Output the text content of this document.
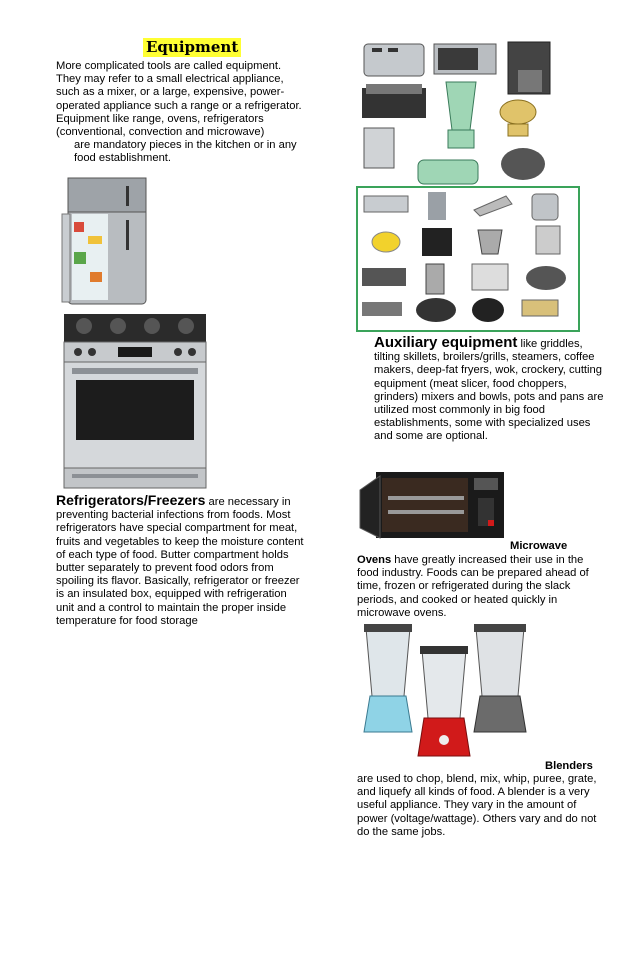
Equipment
More complicated tools are called equipment. They may refer to a small electrical appliance, such as a mixer, or a large, expensive, power-operated appliance such a range or a refrigerator.
Equipment like range, ovens, refrigerators (conventional, convection and microwave)
are mandatory pieces in the kitchen or in any food establishment.
Auxiliary equipment like griddles, tilting skillets, broilers/grills, steamers, coffee makers, deep-fat fryers, wok, crockery, cutting equipment (meat slicer, food choppers, grinders) mixers and bowls, pots and pans are utilized most commonly in big food establishments, some with specialized uses and some are optional.
Refrigerators/Freezers are necessary in preventing bacterial infections from foods. Most refrigerators have special compartment for meat, fruits and vegetables to keep the moisture content of each type of food. Butter compartment holds butter separately to prevent food odors from spoiling its flavor. Basically, refrigerator or freezer is an insulated box, equipped with refrigeration unit and a control to maintain the proper inside temperature for food storage
Microwave
Ovens have greatly increased their use in the food industry. Foods can be prepared ahead of time, frozen or refrigerated during the slack periods, and cooked or heated quickly in microwave ovens.
Blenders
are used to chop, blend, mix, whip, puree, grate, and liquefy all kinds of food. A blender is a very useful appliance. They vary in the amount of power (voltage/wattage). Others vary and do not do the same jobs.
